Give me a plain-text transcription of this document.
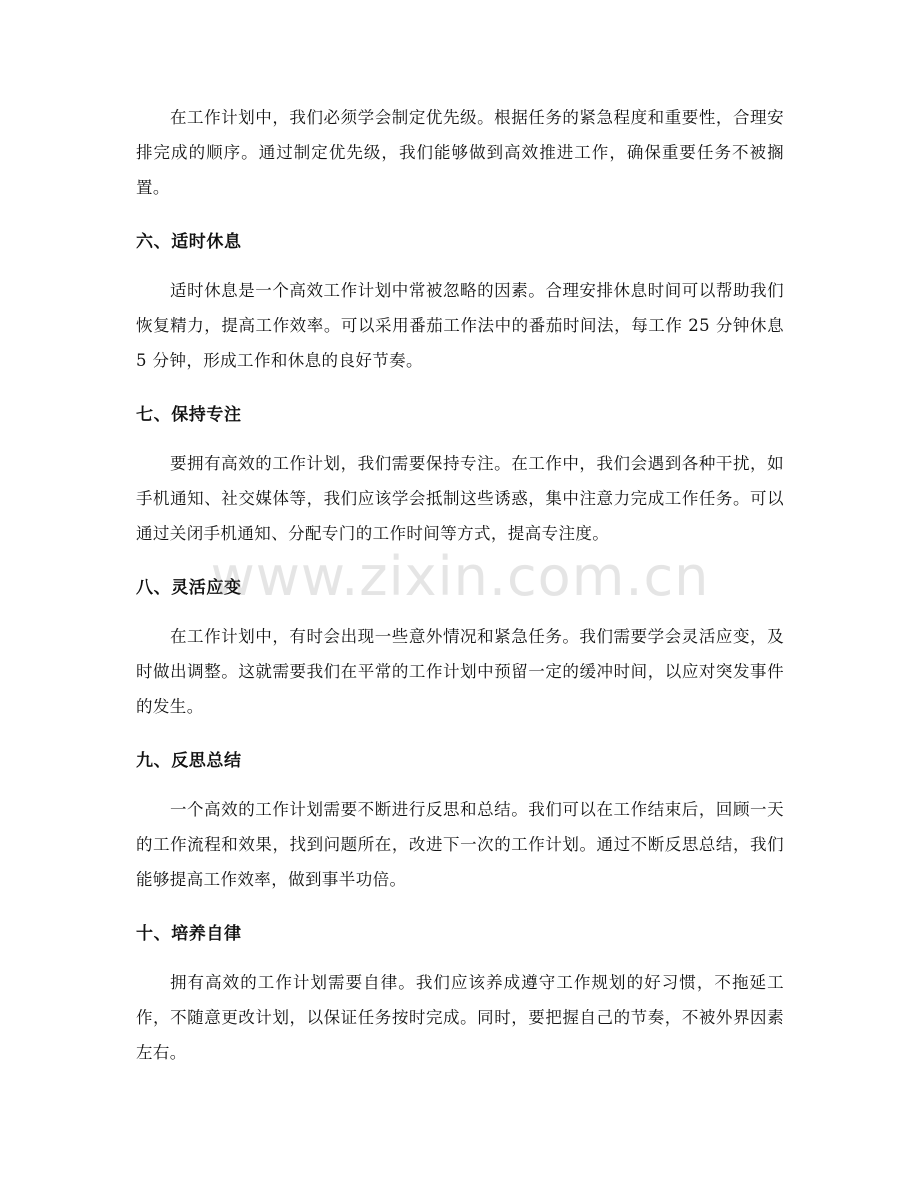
在工作计划中，我们必须学会制定优先级。根据任务的紧急程度和重要性，合理安排完成的顺序。通过制定优先级，我们能够做到高效推进工作，确保重要任务不被搁置。

六、适时休息

适时休息是一个高效工作计划中常被忽略的因素。合理安排休息时间可以帮助我们恢复精力，提高工作效率。可以采用番茄工作法中的番茄时间法，每工作 25 分钟休息 5 分钟，形成工作和休息的良好节奏。

七、保持专注

要拥有高效的工作计划，我们需要保持专注。在工作中，我们会遇到各种干扰，如手机通知、社交媒体等，我们应该学会抵制这些诱惑，集中注意力完成工作任务。可以通过关闭手机通知、分配专门的工作时间等方式，提高专注度。

八、灵活应变

在工作计划中，有时会出现一些意外情况和紧急任务。我们需要学会灵活应变，及时做出调整。这就需要我们在平常的工作计划中预留一定的缓冲时间，以应对突发事件的发生。

九、反思总结

一个高效的工作计划需要不断进行反思和总结。我们可以在工作结束后，回顾一天的工作流程和效果，找到问题所在，改进下一次的工作计划。通过不断反思总结，我们能够提高工作效率，做到事半功倍。

十、培养自律

拥有高效的工作计划需要自律。我们应该养成遵守工作规划的好习惯，不拖延工作，不随意更改计划，以保证任务按时完成。同时，要把握自己的节奏，不被外界因素左右。

www.zixin.com.cn
